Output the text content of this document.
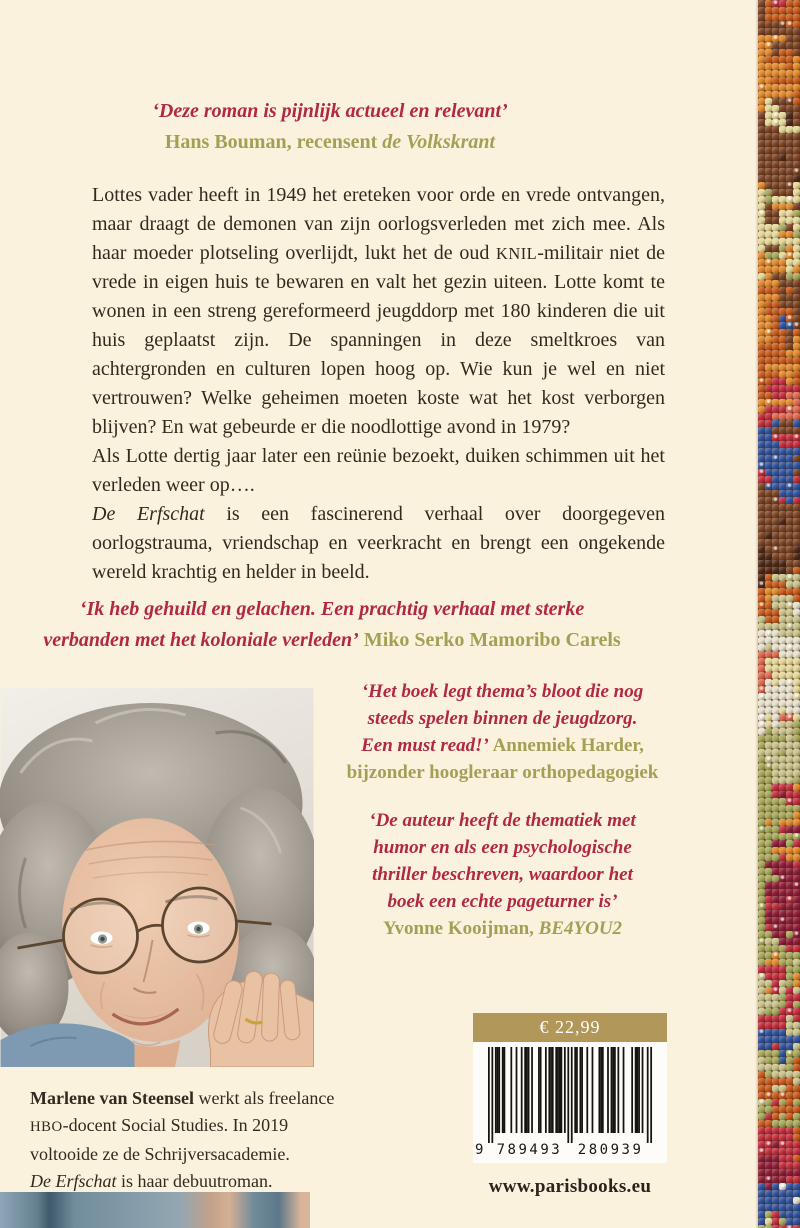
‘Deze roman is pijnlijk actueel en relevant’
Hans Bouman, recensent de Volkskrant

Lottes vader heeft in 1949 het ereteken voor orde en vrede ontvangen, maar draagt de demonen van zijn oorlogsverleden met zich mee. Als haar moeder plotseling overlijdt, lukt het de oud KNIL-militair niet de vrede in eigen huis te bewaren en valt het gezin uiteen. Lotte komt te wonen in een streng gereformeerd jeugddorp met 180 kinderen die uit huis geplaatst zijn. De spanningen in deze smeltkroes van achtergronden en culturen lopen hoog op. Wie kun je wel en niet vertrouwen? Welke geheimen moeten koste wat het kost verborgen blijven? En wat gebeurde er die noodlottige avond in 1979?

Als Lotte dertig jaar later een reünie bezoekt, duiken schimmen uit het verleden weer op….

De Erfschat is een fascinerend verhaal over doorgegeven oorlogstrauma, vriendschap en veerkracht en brengt een ongekende wereld krachtig en helder in beeld.

‘Ik heb gehuild en gelachen. Een prachtig verhaal met sterke
verbanden met het koloniale verleden’ Miko Serko Mamoribo Carels
‘Het boek legt thema’s bloot die nog
steeds spelen binnen de jeugdzorg.
Een must read!’ Annemiek Harder,
bijzonder hoogleraar orthopedagogiek
‘De auteur heeft de thematiek met
humor en als een psychologische
thriller beschreven, waardoor het
boek een echte pageturner is’
Yvonne Kooijman, BE4YOU2
€ 22,99
9 789493 280939
www.parisbooks.eu
Marlene van Steensel werkt als freelance
HBO-docent Social Studies. In 2019
voltooide ze de Schrijversacademie.
De Erfschat is haar debuutroman.
